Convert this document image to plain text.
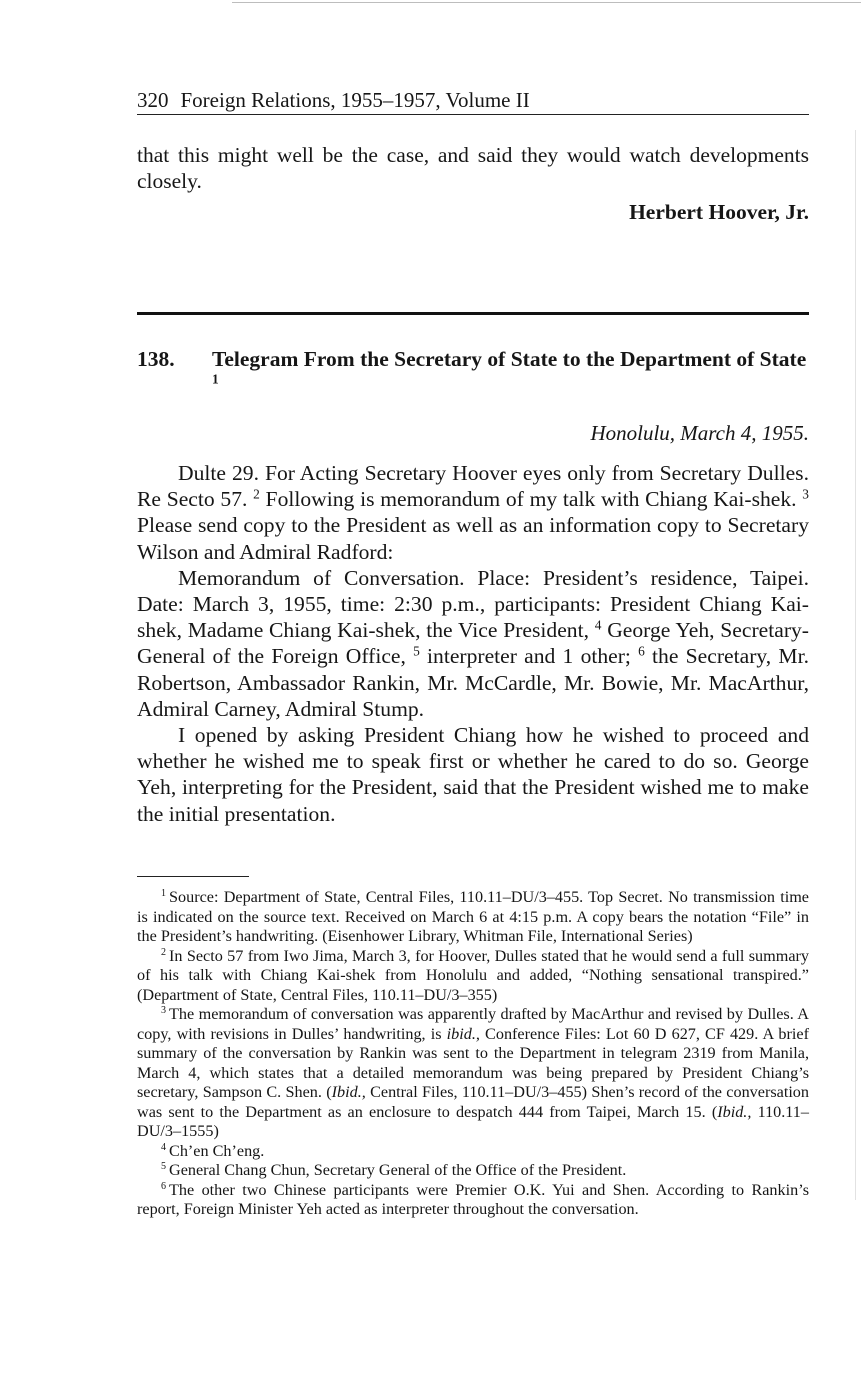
320 Foreign Relations, 1955–1957, Volume II
that this might well be the case, and said they would watch developments closely.
Herbert Hoover, Jr.
138. Telegram From the Secretary of State to the Department of State $^1$
Honolulu, March 4, 1955.

Dulte 29. For Acting Secretary Hoover eyes only from Secretary Dulles. Re Secto 57. $^2$ Following is memorandum of my talk with Chiang Kai-shek. $^3$ Please send copy to the President as well as an information copy to Secretary Wilson and Admiral Radford:

Memorandum of Conversation. Place: President’s residence, Taipei. Date: March 3, 1955, time: 2:30 p.m., participants: President Chiang Kai-shek, Madame Chiang Kai-shek, the Vice President, $^4$ George Yeh, Secretary-General of the Foreign Office, $^5$ interpreter and 1 other; $^6$ the Secretary, Mr. Robertson, Ambassador Rankin, Mr. McCardle, Mr. Bowie, Mr. MacArthur, Admiral Carney, Admiral Stump.

I opened by asking President Chiang how he wished to proceed and whether he wished me to speak first or whether he cared to do so. George Yeh, interpreting for the President, said that the President wished me to make the initial presentation.

$^1$ Source: Department of State, Central Files, 110.11–DU/3–455. Top Secret. No transmission time is indicated on the source text. Received on March 6 at 4:15 p.m. A copy bears the notation “File” in the President’s handwriting. (Eisenhower Library, Whitman File, International Series)

$^2$ In Secto 57 from Iwo Jima, March 3, for Hoover, Dulles stated that he would send a full summary of his talk with Chiang Kai-shek from Honolulu and added, “Nothing sensational transpired.” (Department of State, Central Files, 110.11–DU/3–355)

$^3$ The memorandum of conversation was apparently drafted by MacArthur and revised by Dulles. A copy, with revisions in Dulles’ handwriting, is ibid., Conference Files: Lot 60 D 627, CF 429. A brief summary of the conversation by Rankin was sent to the Department in telegram 2319 from Manila, March 4, which states that a detailed memorandum was being prepared by President Chiang’s secretary, Sampson C. Shen. (Ibid., Central Files, 110.11–DU/3–455) Shen’s record of the conversation was sent to the Department as an enclosure to despatch 444 from Taipei, March 15. (Ibid., 110.11–DU/3–1555)

$^4$ Ch’en Ch’eng.

$^5$ General Chang Chun, Secretary General of the Office of the President.

$^6$ The other two Chinese participants were Premier O.K. Yui and Shen. According to Rankin’s report, Foreign Minister Yeh acted as interpreter throughout the conversation.
